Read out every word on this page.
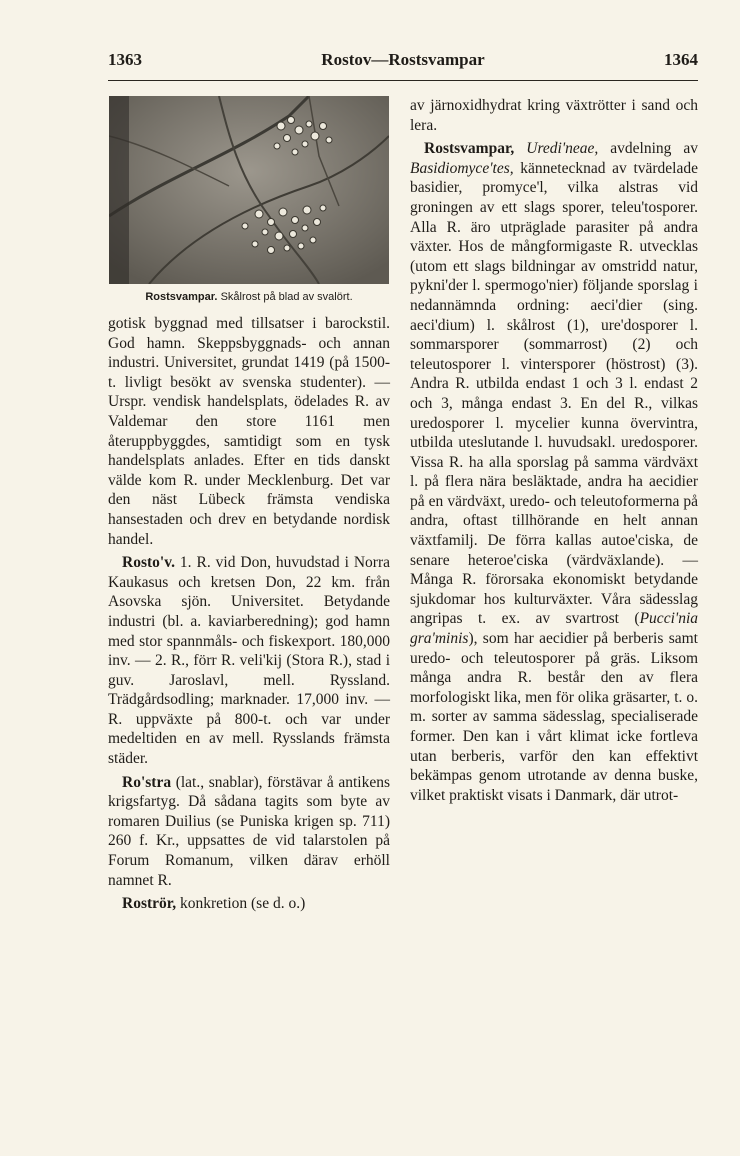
1363	Rostov—Rostsvampar	1364
Rostsvampar. Skålrost på blad av svalört.

gotisk byggnad med tillsatser i barockstil. God hamn. Skeppsbyggnads- och annan industri. Universitet, grundat 1419 (på 1500-t. livligt besökt av svenska studenter). — Urspr. vendisk handelsplats, ödelades R. av Valdemar den store 1161 men återuppbyggdes, samtidigt som en tysk handelsplats anlades. Efter en tids danskt välde kom R. under Mecklenburg. Det var den näst Lübeck främsta vendiska hansestaden och drev en betydande nordisk handel.

Rosto'v. 1. R. vid Don, huvudstad i Norra Kaukasus och kretsen Don, 22 km. från Asovska sjön. Universitet. Betydande industri (bl. a. kaviarberedning); god hamn med stor spannmåls- och fiskexport. 180,000 inv. — 2. R., förr R. veli'kij (Stora R.), stad i guv. Jaroslavl, mell. Ryssland. Trädgårdsodling; marknader. 17,000 inv. — R. uppväxte på 800-t. och var under medeltiden en av mell. Rysslands främsta städer.

Ro'stra (lat., snablar), förstävar å antikens krigsfartyg. Då sådana tagits som byte av romaren Duilius (se Puniska krigen sp. 711) 260 f. Kr., uppsattes de vid talarstolen på Forum Romanum, vilken därav erhöll namnet R.

Roströr, konkretion (se d. o.)

av järnoxidhydrat kring växtrötter i sand och lera.

Rostsvampar, Uredi'neae, avdelning av Basidiomyce'tes, kännetecknad av tvärdelade basidier, promyce'l, vilka alstras vid groningen av ett slags sporer, teleu'tosporer. Alla R. äro utpräglade parasiter på andra växter. Hos de mångformigaste R. utvecklas (utom ett slags bildningar av omstridd natur, pykni'der l. spermogo'nier) följande sporslag i nedannämnda ordning: aeci'dier (sing. aeci'dium) l. skålrost (1), ure'dosporer l. sommarsporer (sommarrost) (2) och teleutosporer l. vintersporer (höstrost) (3). Andra R. utbilda endast 1 och 3 l. endast 2 och 3, många endast 3. En del R., vilkas uredosporer l. mycelier kunna övervintra, utbilda uteslutande l. huvudsakl. uredosporer. Vissa R. ha alla sporslag på samma värdväxt l. på flera nära besläktade, andra ha aecidier på en värdväxt, uredo- och teleutoformerna på andra, oftast tillhörande en helt annan växtfamilj. De förra kallas autoe'ciska, de senare heteroe'ciska (värdväxlande). — Många R. förorsaka ekonomiskt betydande sjukdomar hos kulturväxter. Våra sädesslag angripas t. ex. av svartrost (Pucci'nia gra'minis), som har aecidier på berberis samt uredo- och teleutosporer på gräs. Liksom många andra R. består den av flera morfologiskt lika, men för olika gräsarter, t. o. m. sorter av samma sädesslag, specialiserade former. Den kan i vårt klimat icke fortleva utan berberis, varför den kan effektivt bekämpas genom utrotande av denna buske, vilket praktiskt visats i Danmark, där utrot-
